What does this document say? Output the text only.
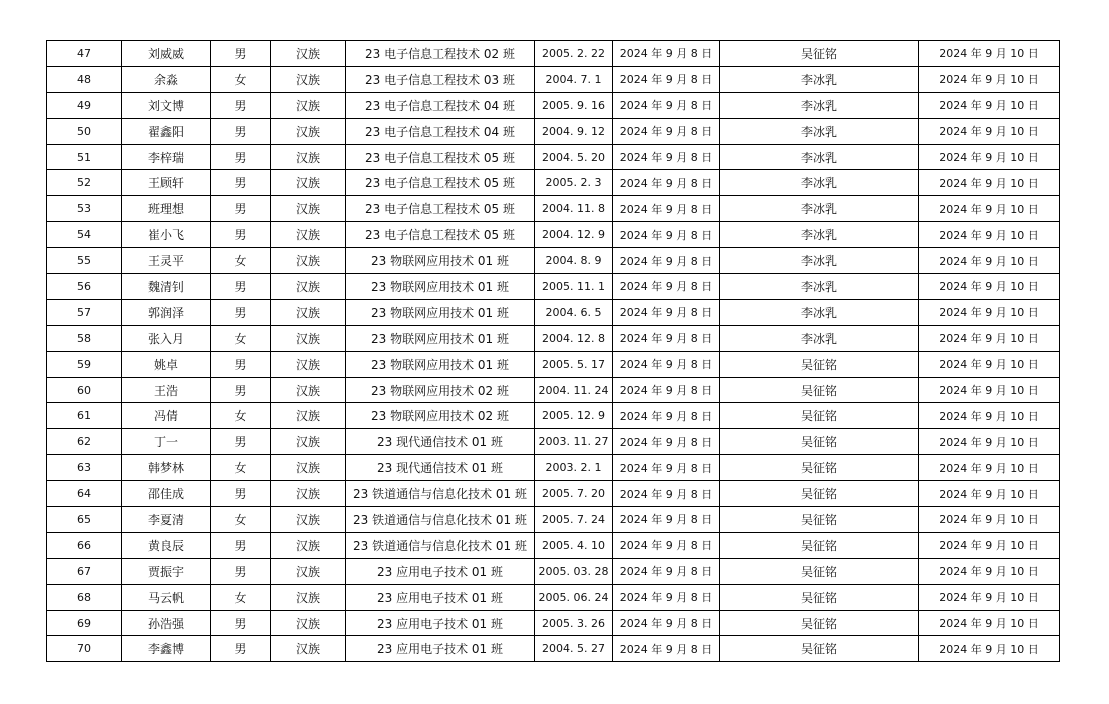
47	刘威威	男	汉族	23 电子信息工程技术 02 班	2005. 2. 22	2024 年 9 月 8 日	吴征铭	2024 年 9 月 10 日
48	余淼	女	汉族	23 电子信息工程技术 03 班	2004. 7. 1	2024 年 9 月 8 日	李冰乳	2024 年 9 月 10 日
49	刘文博	男	汉族	23 电子信息工程技术 04 班	2005. 9. 16	2024 年 9 月 8 日	李冰乳	2024 年 9 月 10 日
50	翟鑫阳	男	汉族	23 电子信息工程技术 04 班	2004. 9. 12	2024 年 9 月 8 日	李冰乳	2024 年 9 月 10 日
51	李梓瑞	男	汉族	23 电子信息工程技术 05 班	2004. 5. 20	2024 年 9 月 8 日	李冰乳	2024 年 9 月 10 日
52	王顾轩	男	汉族	23 电子信息工程技术 05 班	2005. 2. 3	2024 年 9 月 8 日	李冰乳	2024 年 9 月 10 日
53	班理想	男	汉族	23 电子信息工程技术 05 班	2004. 11. 8	2024 年 9 月 8 日	李冰乳	2024 年 9 月 10 日
54	崔小飞	男	汉族	23 电子信息工程技术 05 班	2004. 12. 9	2024 年 9 月 8 日	李冰乳	2024 年 9 月 10 日
55	王灵平	女	汉族	23 物联网应用技术 01 班	2004. 8. 9	2024 年 9 月 8 日	李冰乳	2024 年 9 月 10 日
56	魏清钊	男	汉族	23 物联网应用技术 01 班	2005. 11. 1	2024 年 9 月 8 日	李冰乳	2024 年 9 月 10 日
57	郭润泽	男	汉族	23 物联网应用技术 01 班	2004. 6. 5	2024 年 9 月 8 日	李冰乳	2024 年 9 月 10 日
58	张入月	女	汉族	23 物联网应用技术 01 班	2004. 12. 8	2024 年 9 月 8 日	李冰乳	2024 年 9 月 10 日
59	姚卓	男	汉族	23 物联网应用技术 01 班	2005. 5. 17	2024 年 9 月 8 日	吴征铭	2024 年 9 月 10 日
60	王浩	男	汉族	23 物联网应用技术 02 班	2004. 11. 24	2024 年 9 月 8 日	吴征铭	2024 年 9 月 10 日
61	冯倩	女	汉族	23 物联网应用技术 02 班	2005. 12. 9	2024 年 9 月 8 日	吴征铭	2024 年 9 月 10 日
62	丁一	男	汉族	23 现代通信技术 01 班	2003. 11. 27	2024 年 9 月 8 日	吴征铭	2024 年 9 月 10 日
63	韩梦林	女	汉族	23 现代通信技术 01 班	2003. 2. 1	2024 年 9 月 8 日	吴征铭	2024 年 9 月 10 日
64	邵佳成	男	汉族	23 铁道通信与信息化技术 01 班	2005. 7. 20	2024 年 9 月 8 日	吴征铭	2024 年 9 月 10 日
65	李夏清	女	汉族	23 铁道通信与信息化技术 01 班	2005. 7. 24	2024 年 9 月 8 日	吴征铭	2024 年 9 月 10 日
66	黄良辰	男	汉族	23 铁道通信与信息化技术 01 班	2005. 4. 10	2024 年 9 月 8 日	吴征铭	2024 年 9 月 10 日
67	贾振宇	男	汉族	23 应用电子技术 01 班	2005. 03. 28	2024 年 9 月 8 日	吴征铭	2024 年 9 月 10 日
68	马云帆	女	汉族	23 应用电子技术 01 班	2005. 06. 24	2024 年 9 月 8 日	吴征铭	2024 年 9 月 10 日
69	孙浩强	男	汉族	23 应用电子技术 01 班	2005. 3. 26	2024 年 9 月 8 日	吴征铭	2024 年 9 月 10 日
70	李鑫博	男	汉族	23 应用电子技术 01 班	2004. 5. 27	2024 年 9 月 8 日	吴征铭	2024 年 9 月 10 日
